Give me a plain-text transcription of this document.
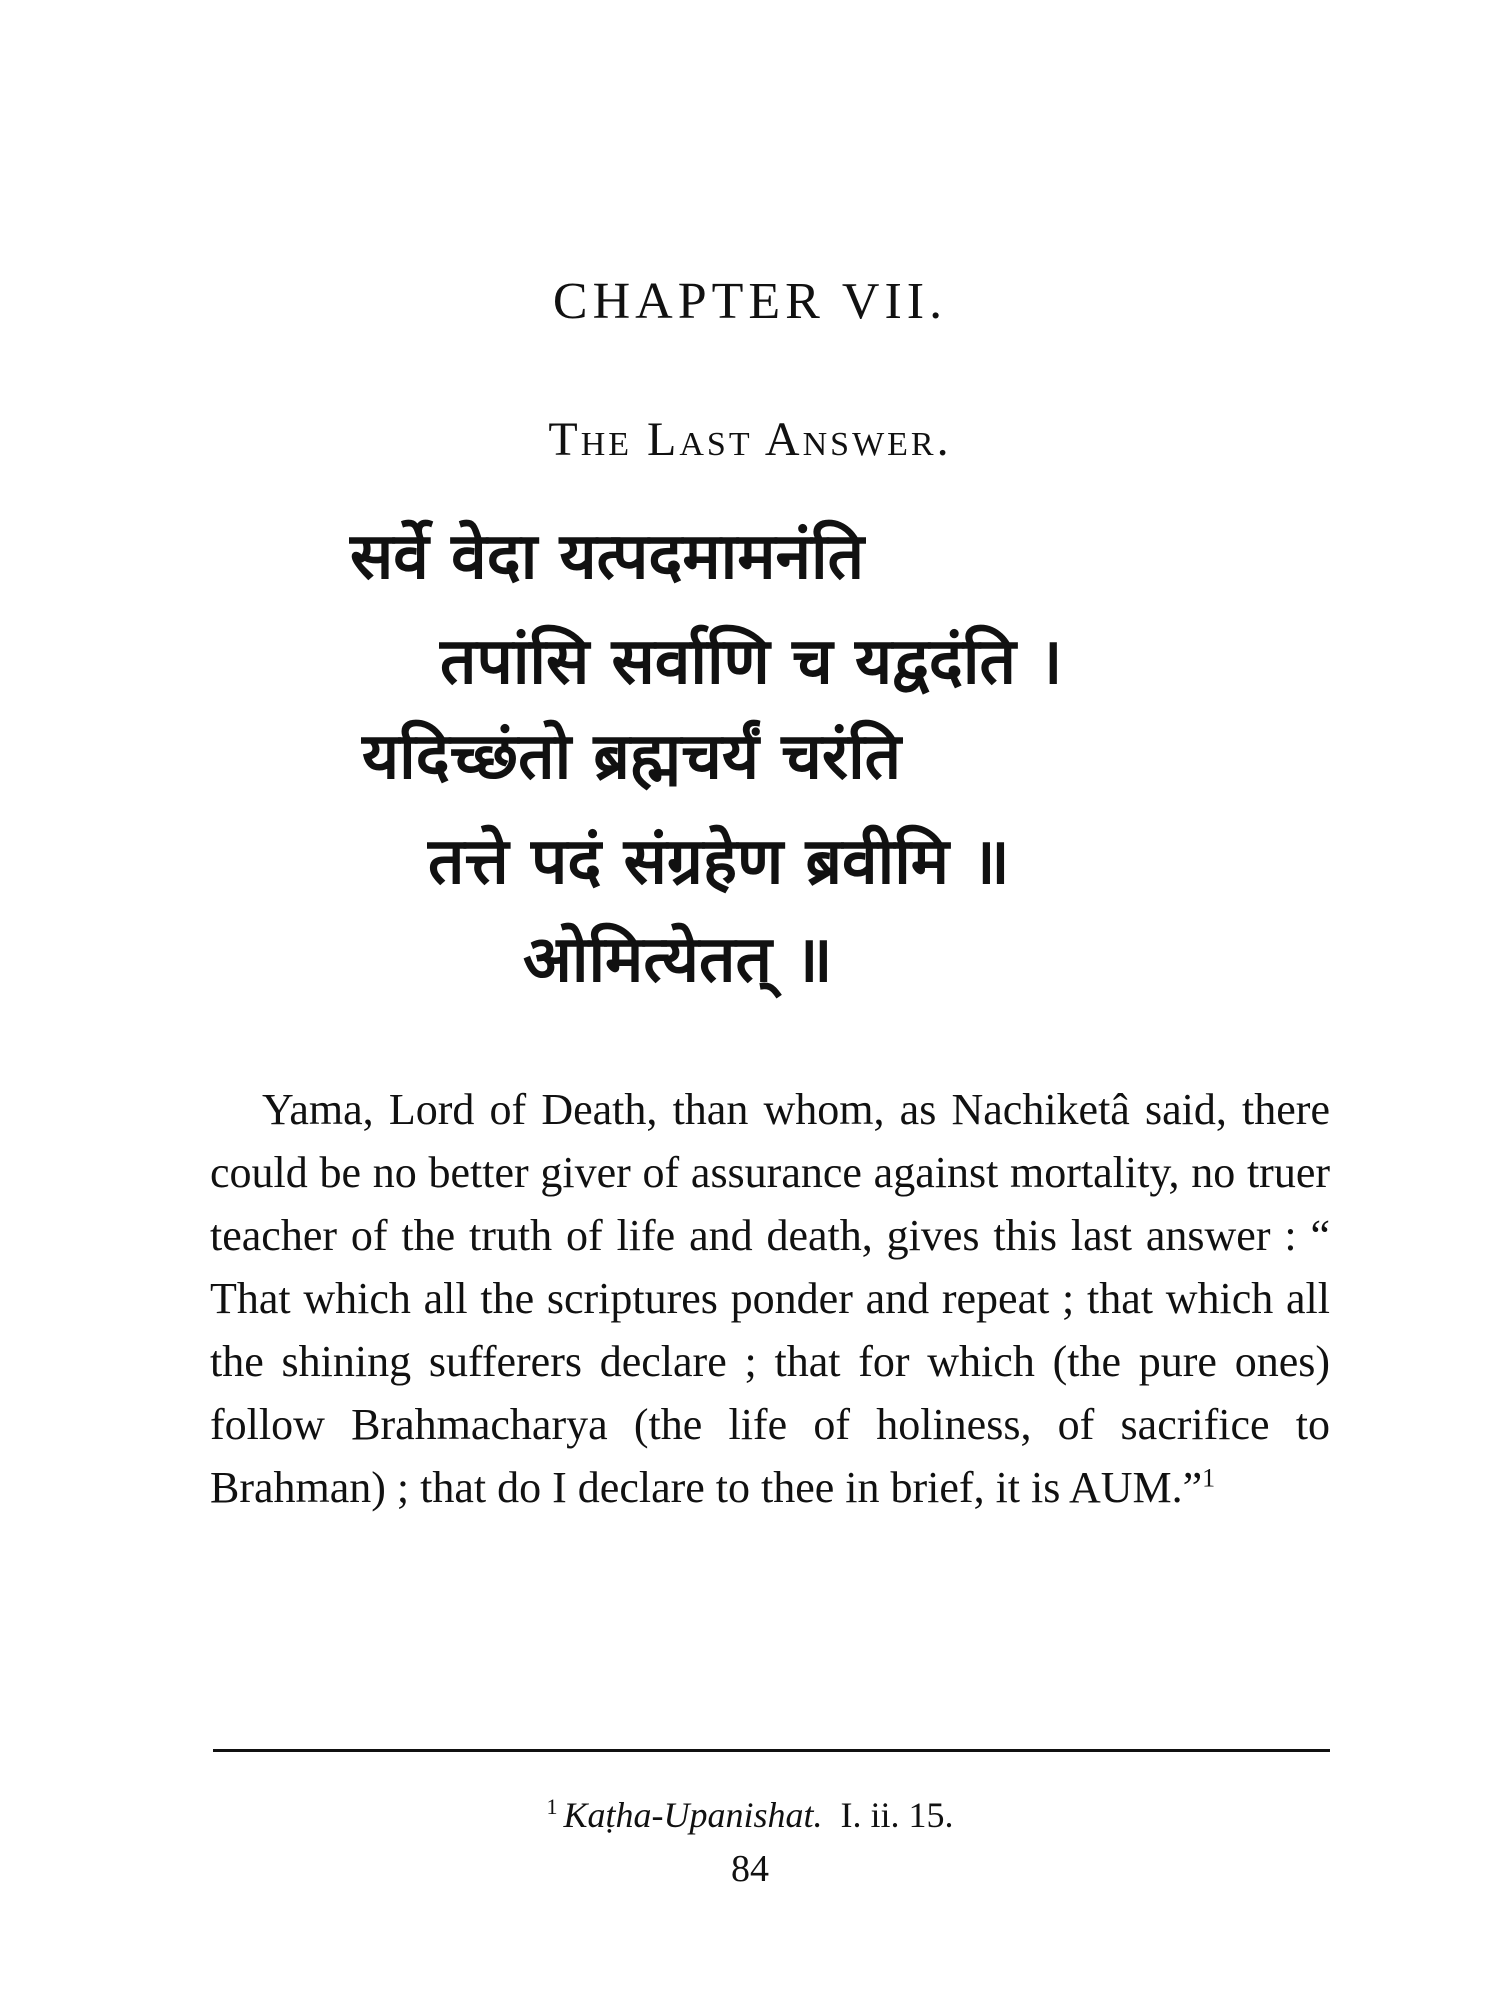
CHAPTER VII.
The Last Answer.
सर्वे वेदा यत्पदमामनंति
तपांसि सर्वाणि च यद्वदंति ।
यदिच्छंतो ब्रह्मचर्यं चरंति
तत्ते पदं संग्रहेण ब्रवीमि ॥
ओमित्येतत् ॥

Yama, Lord of Death, than whom, as Nachiketâ said, there could be no better giver of assurance against mortality, no truer teacher of the truth of life and death, gives this last answer : “ That which all the scriptures ponder and repeat ; that which all the shining sufferers declare ; that for which (the pure ones) follow Brahmacharya (the life of holiness, of sacrifice to Brahman) ; that do I declare to thee in brief, it is AUM.”$^1$

$^1$ Kaṭha-Upanishat. I. ii. 15.
84
